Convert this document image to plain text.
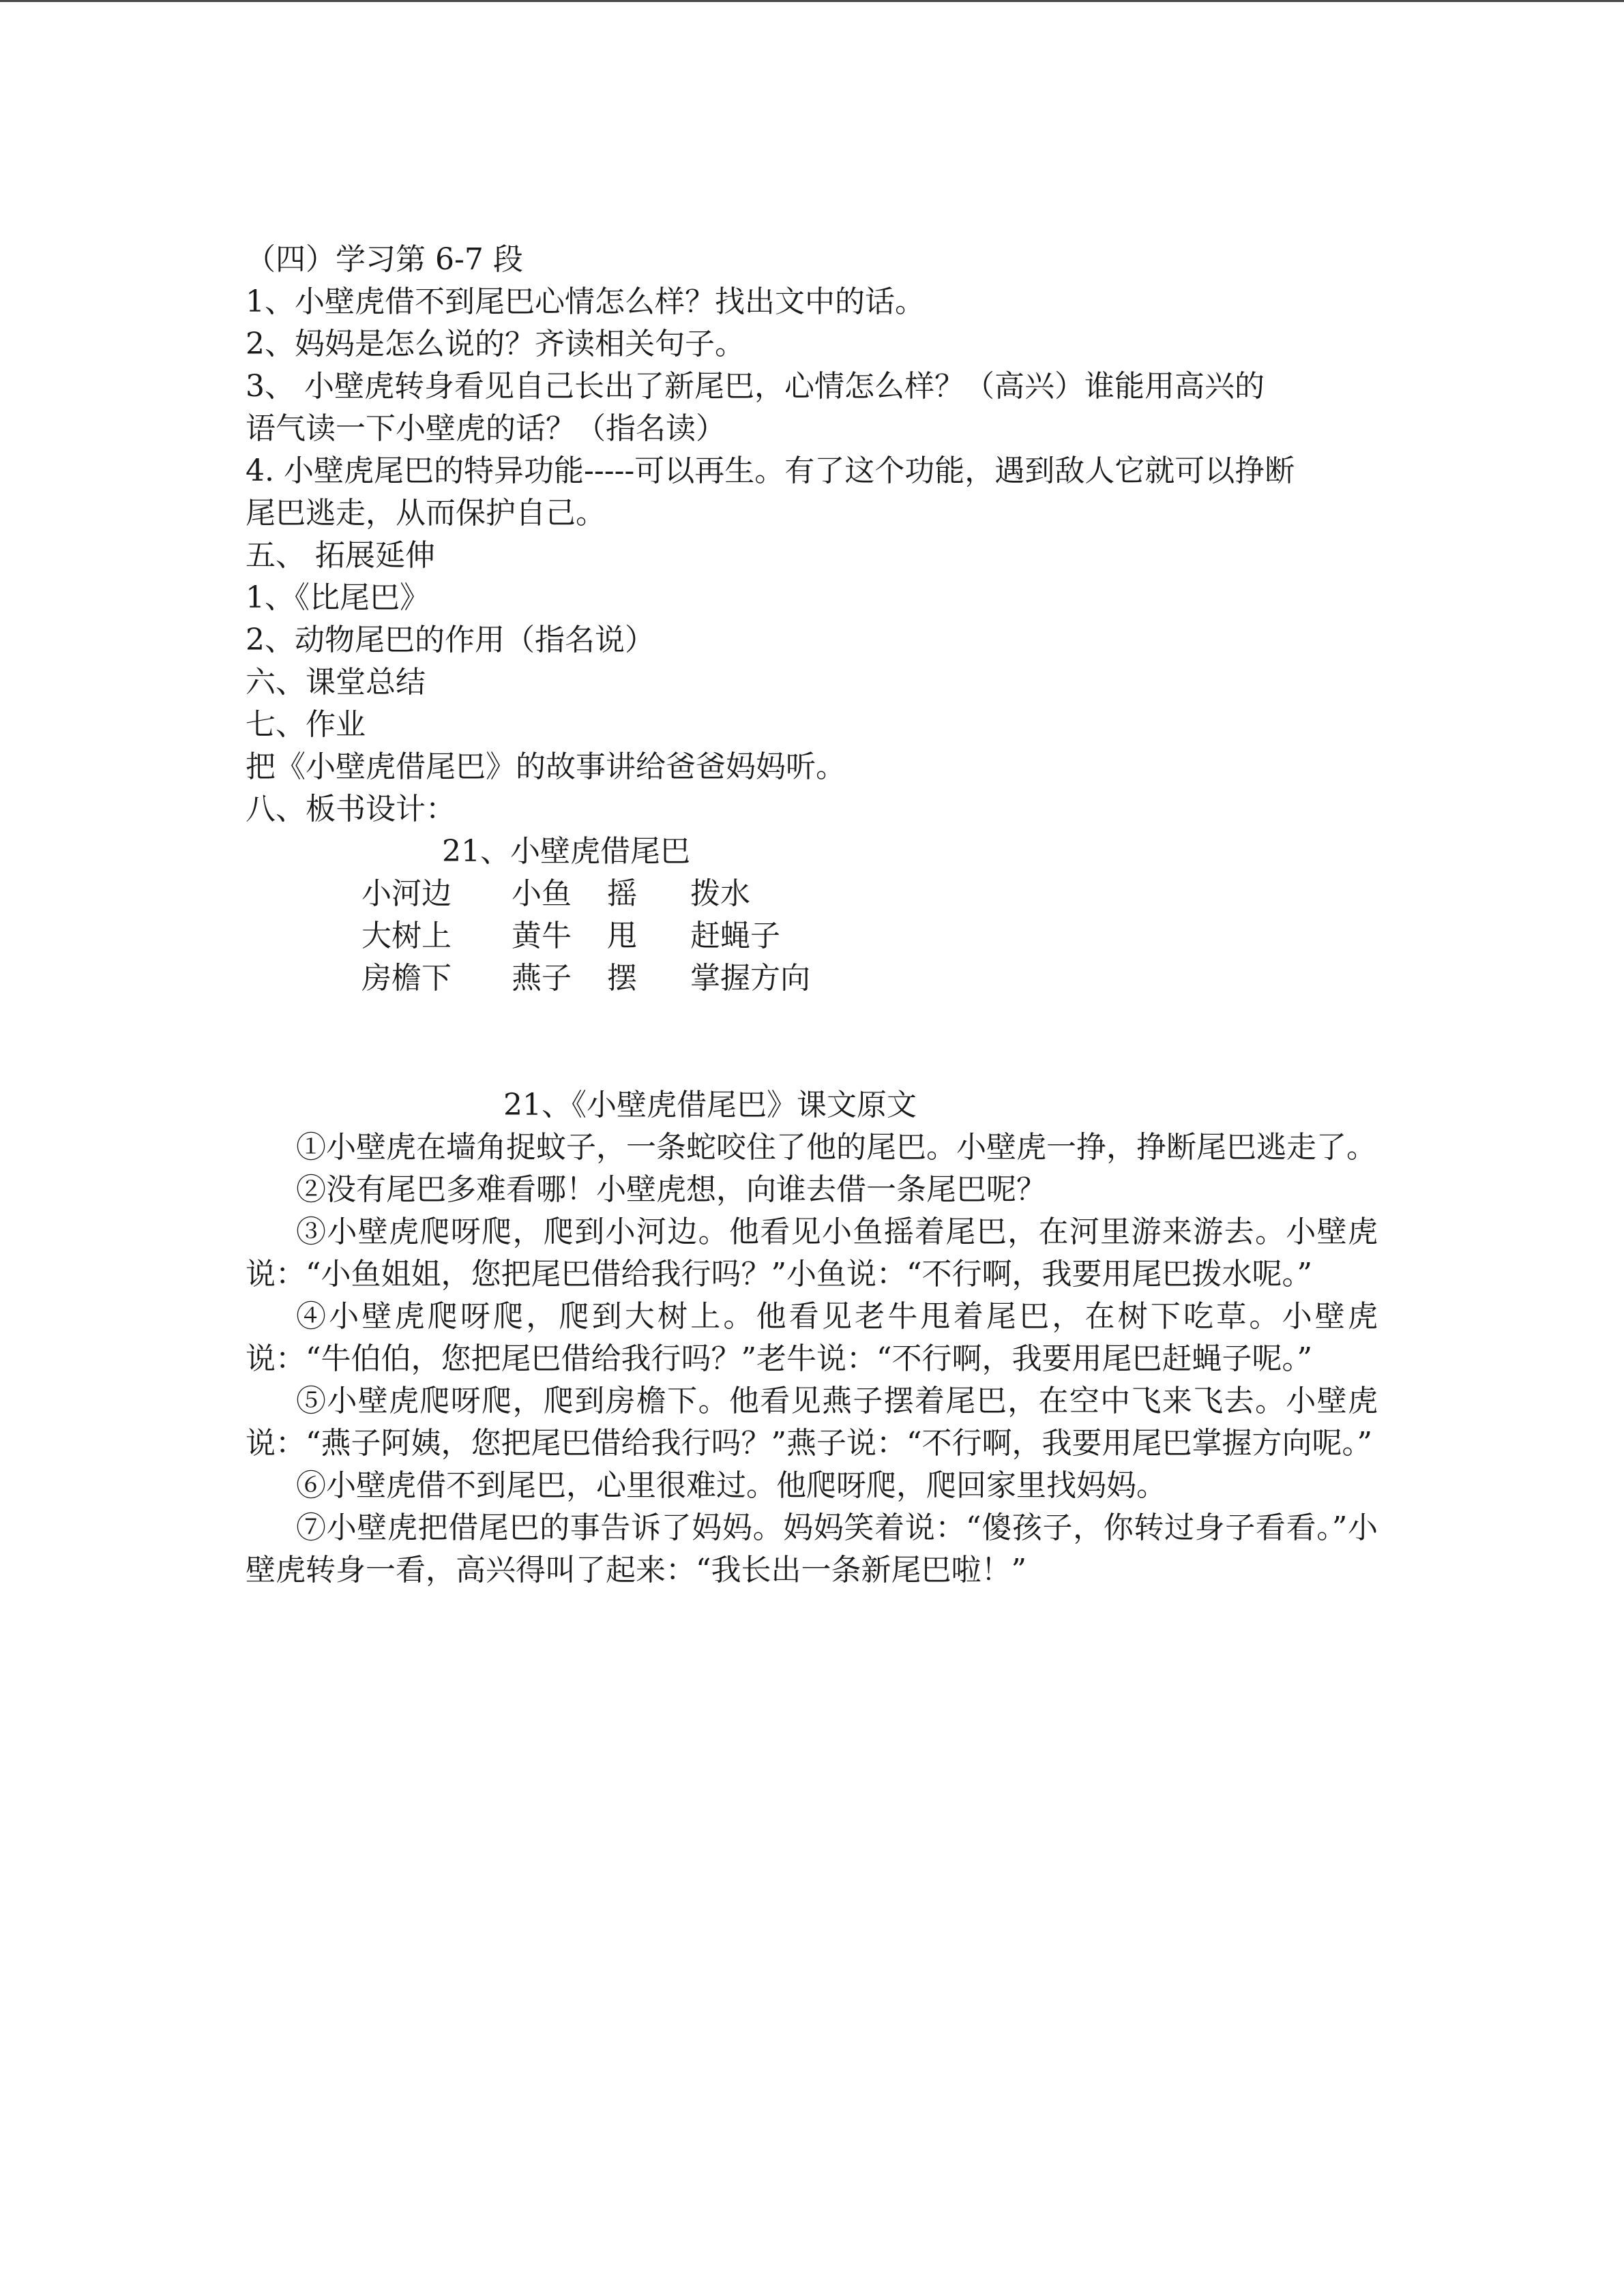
（四）学习第 6-7 段

1、小壁虎借不到尾巴心情怎么样？找出文中的话。

2、妈妈是怎么说的？齐读相关句子。

3、 小壁虎转身看见自己长出了新尾巴，心情怎么样？（高兴）谁能用高兴的

语气读一下小壁虎的话？（指名读）

4. 小壁虎尾巴的特异功能-----可以再生。有了这个功能，遇到敌人它就可以挣断

尾巴逃走，从而保护自己。

五、 拓展延伸

1、《比尾巴》

2、动物尾巴的作用（指名说）

六、课堂总结

七、作业

把《小壁虎借尾巴》的故事讲给爸爸妈妈听。

八、板书设计：

21、小壁虎借尾巴
小河边	小鱼	摇	拨水
大树上	黄牛	甩	赶蝇子
房檐下	燕子	摆	掌握方向
21、《小壁虎借尾巴》课文原文

①小壁虎在墙角捉蚊子，一条蛇咬住了他的尾巴。小壁虎一挣，挣断尾巴逃走了。

②没有尾巴多难看哪！小壁虎想，向谁去借一条尾巴呢？

③小壁虎爬呀爬，爬到小河边。他看见小鱼摇着尾巴，在河里游来游去。小壁虎说：“小鱼姐姐，您把尾巴借给我行吗？”小鱼说：“不行啊，我要用尾巴拨水呢。”

④小壁虎爬呀爬，爬到大树上。他看见老牛甩着尾巴，在树下吃草。小壁虎说：“牛伯伯，您把尾巴借给我行吗？”老牛说：“不行啊，我要用尾巴赶蝇子呢。”

⑤小壁虎爬呀爬，爬到房檐下。他看见燕子摆着尾巴，在空中飞来飞去。小壁虎说：“燕子阿姨，您把尾巴借给我行吗？”燕子说：“不行啊，我要用尾巴掌握方向呢。”

⑥小壁虎借不到尾巴，心里很难过。他爬呀爬，爬回家里找妈妈。

⑦小壁虎把借尾巴的事告诉了妈妈。妈妈笑着说：“傻孩子，你转过身子看看。”小壁虎转身一看，高兴得叫了起来：“我长出一条新尾巴啦！”
